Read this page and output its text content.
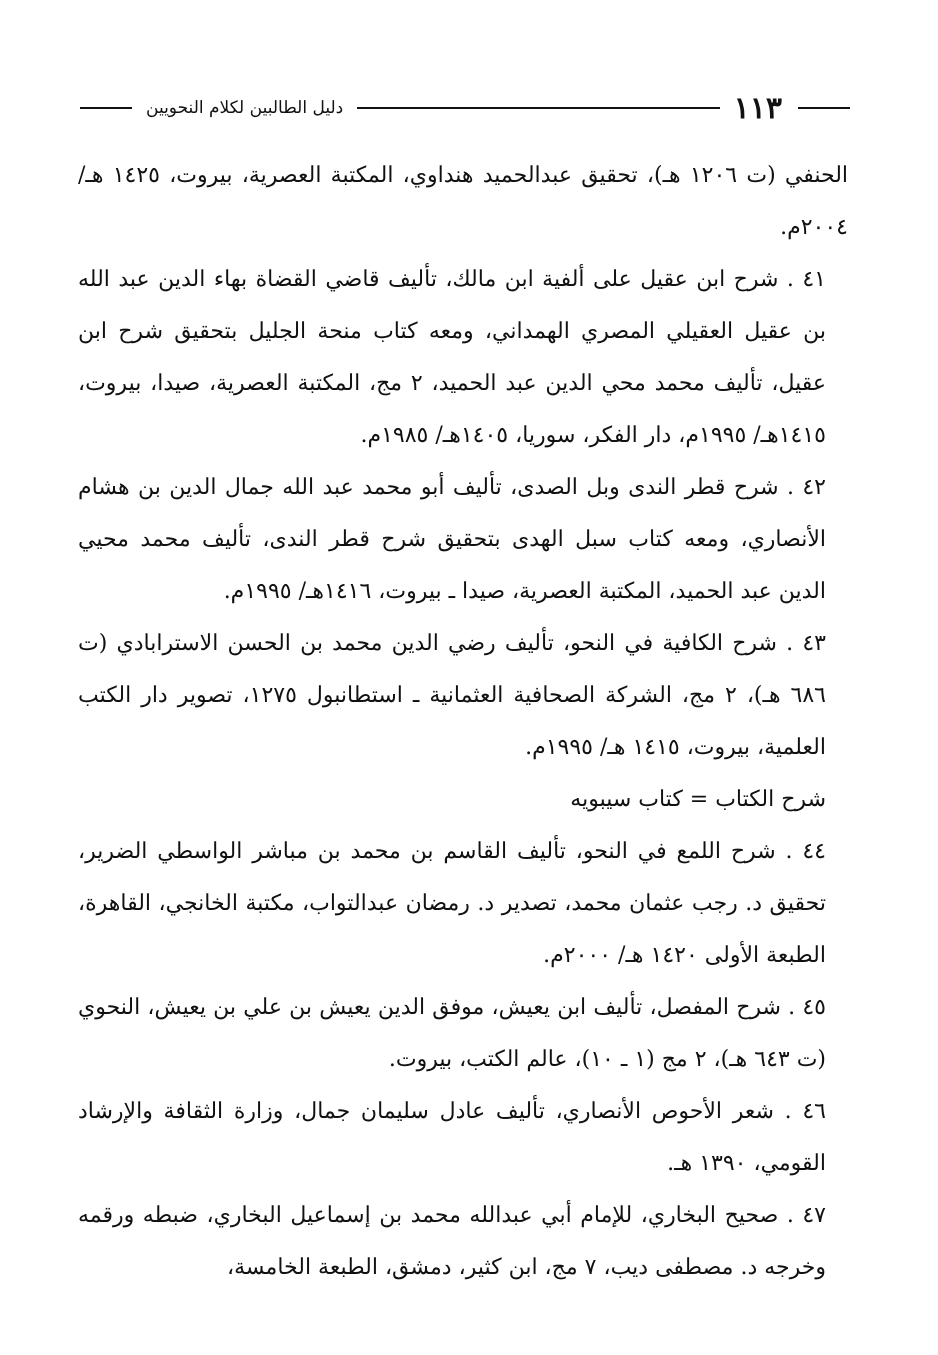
١١٣
دليل الطالبين لكلام النحويين

الحنفي (ت ١٢٠٦ هـ)، تحقيق عبدالحميد هنداوي، المكتبة العصرية، بيروت، ١٤٢٥ هـ/ ٢٠٠٤م.

٤١ . شرح ابن عقيل على ألفية ابن مالك، تأليف قاضي القضاة بهاء الدين عبد الله بن عقيل العقيلي المصري الهمداني، ومعه كتاب منحة الجليل بتحقيق شرح ابن عقيل، تأليف محمد محي الدين عبد الحميد، ٢ مج، المكتبة العصرية، صيدا، بيروت، ١٤١٥هـ/ ١٩٩٥م، دار الفكر، سوريا، ١٤٠٥هـ/ ١٩٨٥م.

٤٢ . شرح قطر الندى وبل الصدى، تأليف أبو محمد عبد الله جمال الدين بن هشام الأنصاري، ومعه كتاب سبل الهدى بتحقيق شرح قطر الندى، تأليف محمد محيي الدين عبد الحميد، المكتبة العصرية، صيدا ـ بيروت، ١٤١٦هـ/ ١٩٩٥م.

٤٣ . شرح الكافية في النحو، تأليف رضي الدين محمد بن الحسن الاسترابادي (ت ٦٨٦ هـ)، ٢ مج، الشركة الصحافية العثمانية ـ استطانبول ١٢٧٥، تصوير دار الكتب العلمية، بيروت، ١٤١٥ هـ/ ١٩٩٥م.

شرح الكتاب = كتاب سيبويه

٤٤ . شرح اللمع في النحو، تأليف القاسم بن محمد بن مباشر الواسطي الضرير، تحقيق د. رجب عثمان محمد، تصدير د. رمضان عبدالتواب، مكتبة الخانجي، القاهرة، الطبعة الأولى ١٤٢٠ هـ/ ٢٠٠٠م.

٤٥ . شرح المفصل، تأليف ابن يعيش، موفق الدين يعيش بن علي بن يعيش، النحوي (ت ٦٤٣ هـ)، ٢ مج (١ ـ ١٠)، عالم الكتب، بيروت.

٤٦ . شعر الأحوص الأنصاري، تأليف عادل سليمان جمال، وزارة الثقافة والإرشاد القومي، ١٣٩٠ هـ.

٤٧ . صحيح البخاري، للإمام أبي عبدالله محمد بن إسماعيل البخاري، ضبطه ورقمه وخرجه د. مصطفى ديب، ٧ مج، ابن كثير، دمشق، الطبعة الخامسة،
